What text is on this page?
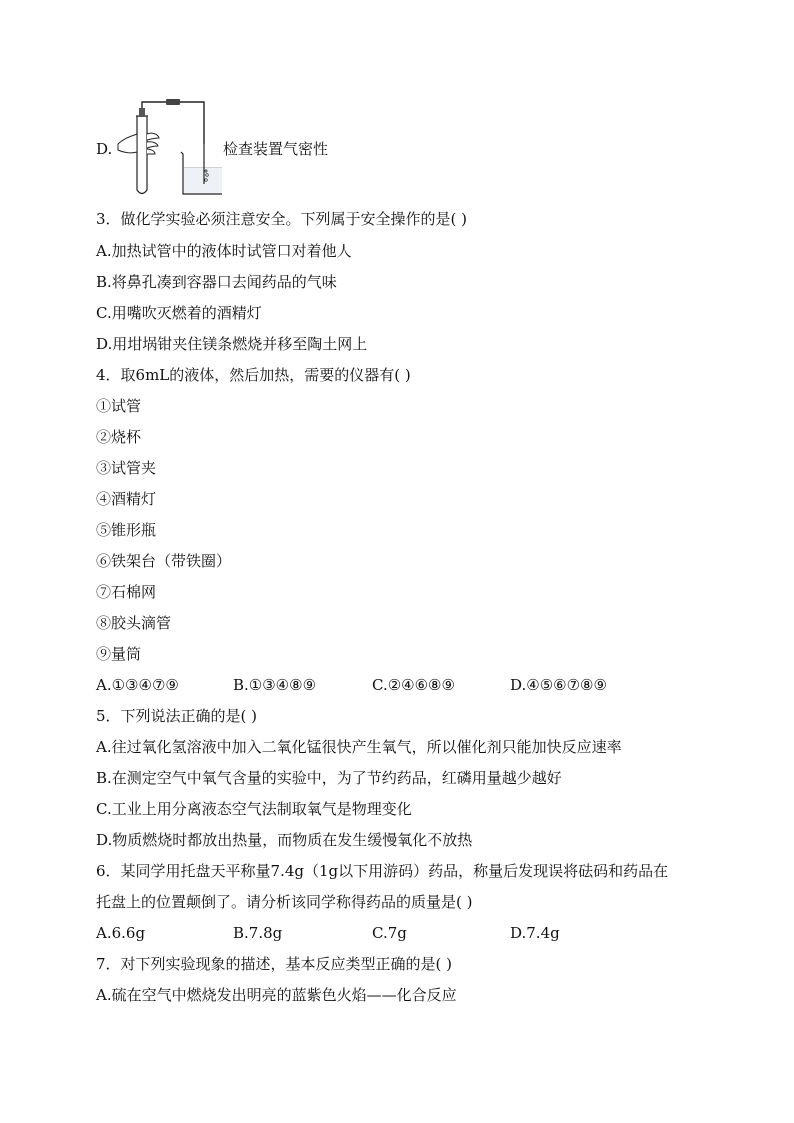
D.	检查装置气密性
3．做化学实验必须注意安全。下列属于安全操作的是( )
A.加热试管中的液体时试管口对着他人
B.将鼻孔凑到容器口去闻药品的气味
C.用嘴吹灭燃着的酒精灯
D.用坩埚钳夹住镁条燃烧并移至陶土网上
4．取6mL的液体，然后加热，需要的仪器有( )
①试管
②烧杯
③试管夹
④酒精灯
⑤锥形瓶
⑥铁架台（带铁圈）
⑦石棉网
⑧胶头滴管
⑨量筒
A.①③④⑦⑨	B.①③④⑧⑨	C.②④⑥⑧⑨	D.④⑤⑥⑦⑧⑨
5．下列说法正确的是( )
A.往过氧化氢溶液中加入二氧化锰很快产生氧气，所以催化剂只能加快反应速率
B.在测定空气中氧气含量的实验中，为了节约药品，红磷用量越少越好
C.工业上用分离液态空气法制取氧气是物理变化
D.物质燃烧时都放出热量，而物质在发生缓慢氧化不放热
6．某同学用托盘天平称量7.4g（1g以下用游码）药品，称量后发现误将砝码和药品在
托盘上的位置颠倒了。请分析该同学称得药品的质量是( )
A.6.6g	B.7.8g	C.7g	D.7.4g
7．对下列实验现象的描述，基本反应类型正确的是( )
A.硫在空气中燃烧发出明亮的蓝紫色火焰——化合反应
